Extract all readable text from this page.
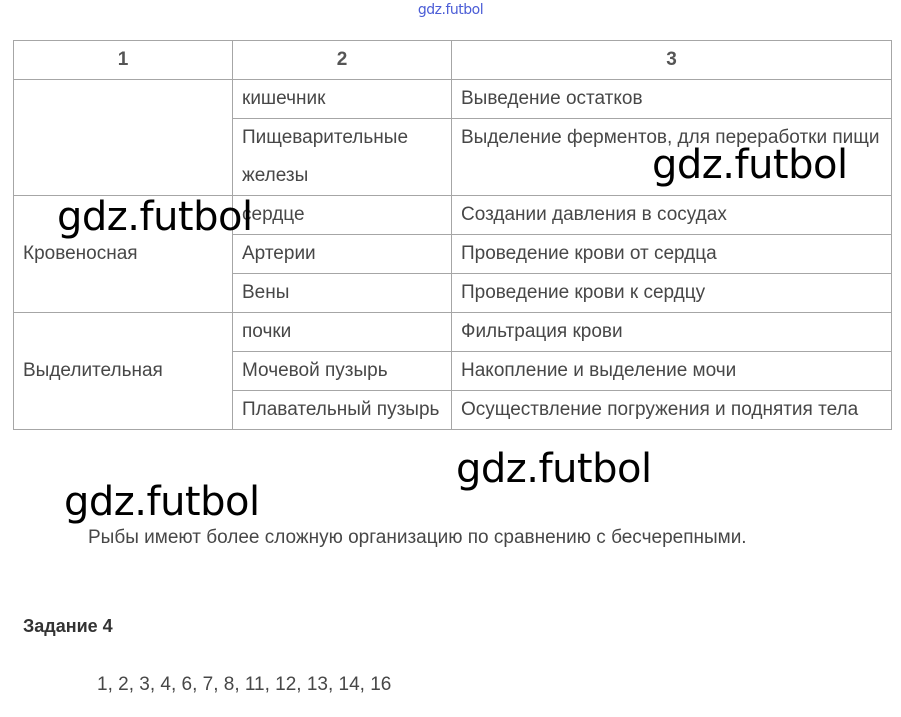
gdz.futbol
1	2	3
	кишечник	Выведение остатков
	Пищеварительные железы	Выделение ферментов, для переработки пищи
Кровеносная	сердце	Создании давления в сосудах
	Артерии	Проведение крови от сердца
	Вены	Проведение крови к сердцу
Выделительная	почки	Фильтрация крови
	Мочевой пузырь	Накопление и выделение мочи
	Плавательный пузырь	Осуществление погружения и поднятия тела
gdz.futbol
gdz.futbol
gdz.futbol
gdz.futbol
Рыбы имеют более сложную организацию по сравнению с бесчерепными.
Задание 4
1, 2, 3, 4, 6, 7, 8, 11, 12, 13, 14, 16
